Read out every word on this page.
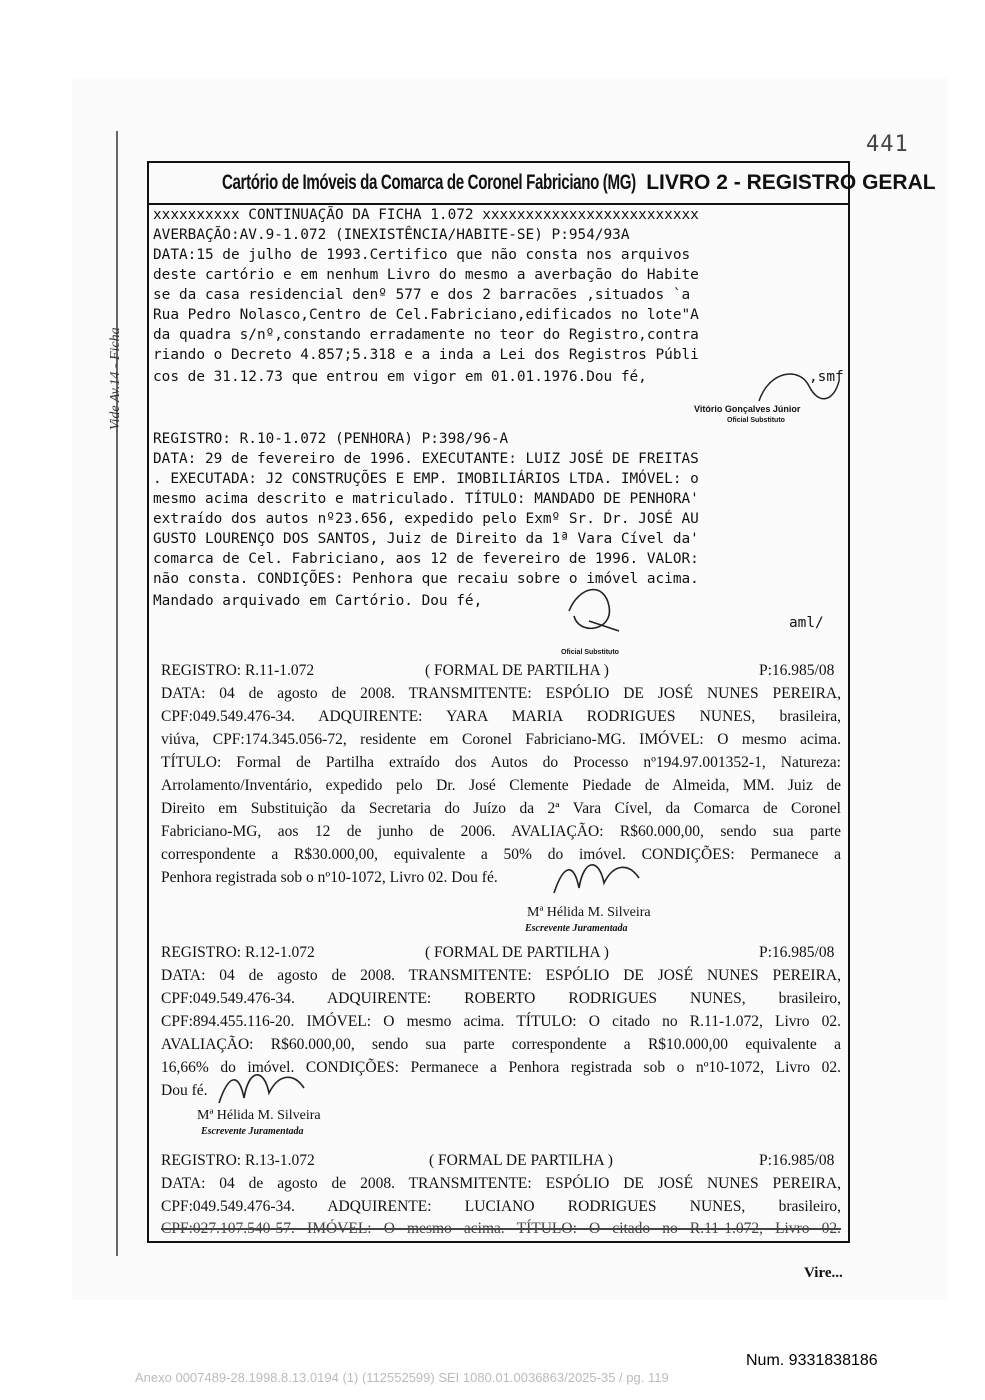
441
Vide Av.14 - Ficha
Cartório de Imóveis da Comarca de Coronel Fabriciano (MG) LIVRO 2 - REGISTRO GERAL
xxxxxxxxxx CONTINUAÇÃO DA FICHA 1.072 xxxxxxxxxxxxxxxxxxxxxxxxx
AVERBAÇÃO:AV.9-1.072 (INEXISTÊNCIA/HABITE-SE) P:954/93A
DATA:15 de julho de 1993.Certifico que não consta nos arquivos
deste cartório e em nenhum Livro do mesmo a averbação do Habite
se da casa residencial denº 577 e dos 2 barracões ,situados `a
Rua Pedro Nolasco,Centro de Cel.Fabriciano,edificados no lote"A
da quadra s/nº,constando erradamente no teor do Registro,contra
riando o Decreto 4.857;5.318 e a inda a Lei dos Registros Públi
cos de 31.12.73 que entrou em vigor em 01.01.1976.Dou fé,	,smf
Vitório Gonçalves Júnior
Oficial Substituto
REGISTRO: R.10-1.072 (PENHORA) P:398/96-A
DATA: 29 de fevereiro de 1996. EXECUTANTE: LUIZ JOSÉ DE FREITAS
. EXECUTADA: J2 CONSTRUÇÕES E EMP. IMOBILIÁRIOS LTDA. IMÓVEL: o
mesmo acima descrito e matriculado. TÍTULO: MANDADO DE PENHORA'
extraído dos autos nº23.656, expedido pelo Exmº Sr. Dr. JOSÉ AU
GUSTO LOURENÇO DOS SANTOS, Juiz de Direito da 1ª Vara Cível da'
comarca de Cel. Fabriciano, aos 12 de fevereiro de 1996. VALOR:
não consta. CONDIÇÕES: Penhora que recaiu sobre o imóvel acima.
Mandado arquivado em Cartório. Dou fé,
aml/
Oficial Substituto
REGISTRO: R.11-1.072	( FORMAL DE PARTILHA )	P:16.985/08
DATA: 04 de agosto de 2008. TRANSMITENTE: ESPÓLIO DE JOSÉ NUNES PEREIRA,
CPF:049.549.476-34. ADQUIRENTE: YARA MARIA RODRIGUES NUNES, brasileira,
viúva, CPF:174.345.056-72, residente em Coronel Fabriciano-MG. IMÓVEL: O mesmo acima.
TÍTULO: Formal de Partilha extraído dos Autos do Processo nº194.97.001352-1, Natureza:
Arrolamento/Inventário, expedido pelo Dr. José Clemente Piedade de Almeida, MM. Juiz de
Direito em Substituição da Secretaria do Juízo da 2ª Vara Cível, da Comarca de Coronel
Fabriciano-MG, aos 12 de junho de 2006. AVALIAÇÃO: R$60.000,00, sendo sua parte
correspondente a R$30.000,00, equivalente a 50% do imóvel. CONDIÇÕES: Permanece a
Penhora registrada sob o nº10-1072, Livro 02. Dou fé.
Mª Hélida M. Silveira
Escrevente Juramentada
REGISTRO: R.12-1.072	( FORMAL DE PARTILHA )	P:16.985/08
DATA: 04 de agosto de 2008. TRANSMITENTE: ESPÓLIO DE JOSÉ NUNES PEREIRA,
CPF:049.549.476-34. ADQUIRENTE: ROBERTO RODRIGUES NUNES, brasileiro,
CPF:894.455.116-20. IMÓVEL: O mesmo acima. TÍTULO: O citado no R.11-1.072, Livro 02.
AVALIAÇÃO: R$60.000,00, sendo sua parte correspondente a R$10.000,00 equivalente a
16,66% do imóvel. CONDIÇÕES: Permanece a Penhora registrada sob o nº10-1072, Livro 02.
Dou fé.
Mª Hélida M. Silveira
Escrevente Juramentada
REGISTRO: R.13-1.072	( FORMAL DE PARTILHA )	P:16.985/08
DATA: 04 de agosto de 2008. TRANSMITENTE: ESPÓLIO DE JOSÉ NUNES PEREIRA,
CPF:049.549.476-34. ADQUIRENTE: LUCIANO RODRIGUES NUNES, brasileiro,
CPF:027.107.540-57. IMÓVEL: O mesmo acima. TÍTULO: O citado no R.11-1.072, Livro 02.
Vire...
Num. 9331838186
Anexo 0007489-28.1998.8.13.0194 (1) (112552599) SEI 1080.01.0036863/2025-35 / pg. 119
